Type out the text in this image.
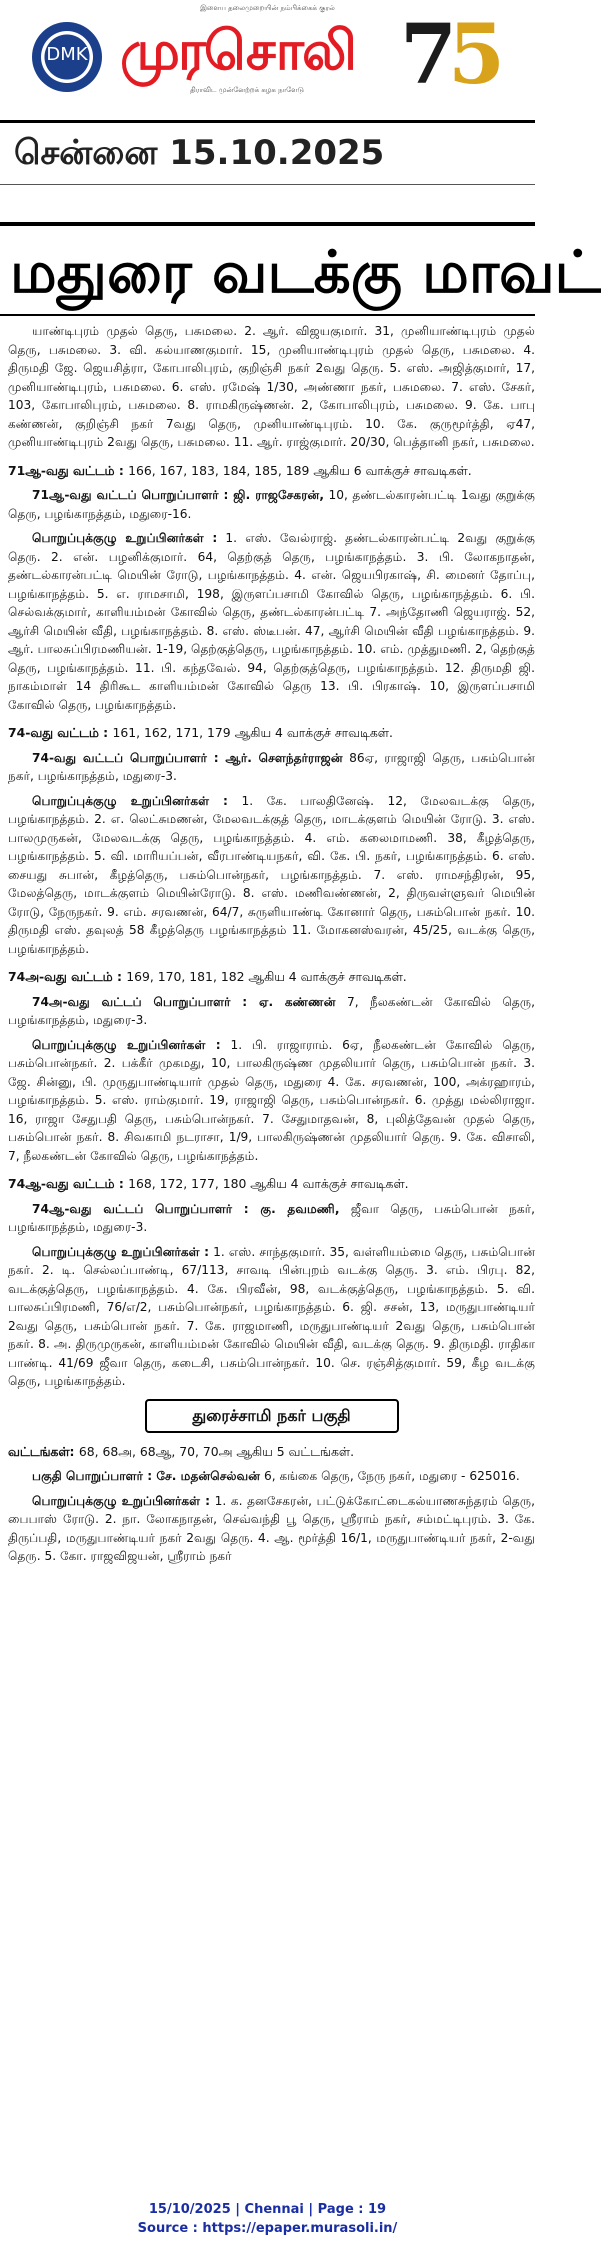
இளைய தலைமுறையின் நம்பிக்கைக் குரல்
DMK முரசொலி
திராவிட முன்னேற்றக் கழக நாளேடு 7
5
சென்னை 15.10.2025
மதுரை வடக்கு மாவட்

யாண்டிபுரம் முதல் தெரு, பசுமலை. 2. ஆர். விஜயகுமார். 31, முனியாண்டிபுரம் முதல் தெரு, பசுமலை. 3. வி. கல்யாணகுமார். 15, முனியாண்டிபுரம் முதல் தெரு, பசுமலை. 4. திருமதி ஜே. ஜெயசித்ரா, கோபாலிபுரம், குறிஞ்சி நகர் 2வது தெரு. 5. எஸ். அஜித்குமார், 17, முனியாண்டிபுரம், பசுமலை. 6. எஸ். ரமேஷ் 1/30, அண்ணா நகர், பசுமலை. 7. எஸ். சேகர், 103, கோபாலிபுரம், பசுமலை. 8. ராமகிருஷ்ணன். 2, கோபாலிபுரம், பசுமலை. 9. கே. பாபு கண்ணன், குறிஞ்சி நகர் 7வது தெரு, முனியாண்டிபுரம். 10. கே. குருமூர்த்தி, ஏ47, முனியாண்டிபுரம் 2வது தெரு, பசுமலை. 11. ஆர். ராஜ்குமார். 20/30, பெத்தானி நகர், பசுமலை.

71ஆ-வது வட்டம் : 166, 167, 183, 184, 185, 189 ஆகிய 6 வாக்குச் சாவடிகள்.

71ஆ-வது வட்டப் பொறுப்பாளர் : ஜி. ராஜசேகரன், 10, தண்டல்காரன்பட்டி 1வது குறுக்கு தெரு, பழங்காநத்தம், மதுரை-16.

பொறுப்புக்குழு உறுப்பினர்கள் : 1. எஸ். வேல்ராஜ். தண்டல்காரன்பட்டி 2வது குறுக்கு தெரு. 2. என். பழனிக்குமார். 64, தெற்குத் தெரு, பழங்காநத்தம். 3. பி. லோகநாதன், தண்டல்காரன்பட்டி மெயின் ரோடு, பழங்காநத்தம். 4. என். ஜெயபிரகாஷ், சி. மைனர் தோப்பு, பழங்காநத்தம். 5. எ. ராமசாமி, 198, இருளப்பசாமி கோவில் தெரு, பழங்காநத்தம். 6. பி. செல்வக்குமார், காளியம்மன் கோவில் தெரு, தண்டல்காரன்பட்டி 7. அந்தோணி ஜெயராஜ். 52, ஆர்சி மெயின் வீதி, பழங்காநத்தம். 8. எஸ். ஸ்டீபன். 47, ஆர்சி மெயின் வீதி பழங்காநத்தம். 9. ஆர். பாலசுப்பிரமணியன். 1-19, தெற்குத்தெரு, பழங்காநத்தம். 10. எம். முத்துமணி. 2, தெற்குத் தெரு, பழங்காநத்தம். 11. பி. கந்தவேல். 94, தெற்குத்தெரு, பழங்காநத்தம். 12. திருமதி ஜி. நாகம்மாள் 14 திரிகூட காளியம்மன் கோவில் தெரு 13. பி. பிரகாஷ். 10, இருளப்பசாமி கோவில் தெரு, பழங்காநத்தம்.

74-வது வட்டம் : 161, 162, 171, 179 ஆகிய 4 வாக்குச் சாவடிகள்.

74-வது வட்டப் பொறுப்பாளர் : ஆர். சௌந்தர்ராஜன் 86ஏ, ராஜாஜி தெரு, பசும்பொன் நகர், பழங்காநத்தம், மதுரை-3.

பொறுப்புக்குழு உறுப்பினர்கள் : 1. கே. பாலதினேஷ். 12, மேலவடக்கு தெரு, பழங்காநத்தம். 2. எ. லெட்சுமணன், மேலவடக்குத் தெரு, மாடக்குளம் மெயின் ரோடு. 3. எஸ். பாலமுருகன், மேலவடக்கு தெரு, பழங்காநத்தம். 4. எம். கலைமாமணி. 38, கீழத்தெரு, பழங்காநத்தம். 5. வி. மாரியப்பன், வீரபாண்டியநகர், வி. கே. பி. நகர், பழங்காநத்தம். 6. எஸ். சையது சுபான், கீழத்தெரு, பசும்பொன்நகர், பழங்காநத்தம். 7. எஸ். ராமசந்திரன், 95, மேலத்தெரு, மாடக்குளம் மெயின்ரோடு. 8. எஸ். மணிவண்ணன், 2, திருவள்ளுவர் மெயின் ரோடு, நேருநகர். 9. எம். சரவணன், 64/7, சுருளியாண்டி கோனார் தெரு, பசும்பொன் நகர். 10. திருமதி எஸ். தவுலத் 58 கீழத்தெரு பழங்காநத்தம் 11. மோகனஸ்வரன், 45/25, வடக்கு தெரு, பழங்காநத்தம்.

74அ-வது வட்டம் : 169, 170, 181, 182 ஆகிய 4 வாக்குச் சாவடிகள்.

74அ-வது வட்டப் பொறுப்பாளர் : ஏ. கண்ணன் 7, நீலகண்டன் கோவில் தெரு, பழங்காநத்தம், மதுரை-3.

பொறுப்புக்குழு உறுப்பினர்கள் : 1. பி. ராஜாராம். 6ஏ, நீலகண்டன் கோவில் தெரு, பசும்பொன்நகர். 2. பக்கீர் முகமது, 10, பாலகிருஷ்ண முதலியார் தெரு, பசும்பொன் நகர். 3. ஜே. சின்னு, பி. முருதுபாண்டியார் முதல் தெரு, மதுரை 4. கே. சரவணன், 100, அக்ரஹாரம், பழங்காநத்தம். 5. எஸ். ராம்குமார். 19, ராஜாஜி தெரு, பசும்பொன்நகர். 6. முத்து மல்லிராஜா. 16, ராஜா சேதுபதி தெரு, பசும்பொன்நகர். 7. சேதுமாதவன், 8, புலித்தேவன் முதல் தெரு, பசும்பொன் நகர். 8. சிவகாமி நடராசா, 1/9, பாலகிருஷ்ணன் முதலியார் தெரு. 9. கே. விசாலி, 7, நீலகண்டன் கோவில் தெரு, பழங்காநத்தம்.

74ஆ-வது வட்டம் : 168, 172, 177, 180 ஆகிய 4 வாக்குச் சாவடிகள்.

74ஆ-வது வட்டப் பொறுப்பாளர் : கு. தவமணி, ஜீவா தெரு, பசும்பொன் நகர், பழங்காநத்தம், மதுரை-3.

பொறுப்புக்குழு உறுப்பினர்கள் : 1. எஸ். சாந்தகுமார். 35, வள்ளியம்மை தெரு, பசும்பொன் நகர். 2. டி. செல்லப்பாண்டி, 67/113, சாவடி பின்புறம் வடக்கு தெரு. 3. எம். பிரபு. 82, வடக்குத்தெரு, பழங்காநத்தம். 4. கே. பிரவீன், 98, வடக்குத்தெரு, பழங்காநத்தம். 5. வி. பாலசுப்பிரமணி, 76/எ/2, பசும்பொன்நகர், பழங்காநத்தம். 6. ஜி. சசன், 13, மருதுபாண்டியர் 2வது தெரு, பசும்பொன் நகர். 7. கே. ராஜமாணி, மருதுபாண்டியர் 2வது தெரு, பசும்பொன் நகர். 8. அ. திருமுருகன், காளியம்மன் கோவில் மெயின் வீதி, வடக்கு தெரு. 9. திருமதி. ராதிகா பாண்டி. 41/69 ஜீவா தெரு, கடைசி, பசும்பொன்நகர். 10. செ. ரஞ்சித்குமார். 59, கீழ வடக்கு தெரு, பழங்காநத்தம்.

துரைச்சாமி நகர் பகுதி
வட்டங்கள்: 68, 68அ, 68ஆ, 70, 70அ ஆகிய 5 வட்டங்கள்.

பகுதி பொறுப்பாளர் : சே. மதன்செல்வன் 6, கங்கை தெரு, நேரு நகர், மதுரை - 625016.

பொறுப்புக்குழு உறுப்பினர்கள் : 1. க. தனசேகரன், பட்டுக்கோட்டைகல்யாணசுந்தரம் தெரு, பைபாஸ் ரோடு. 2. நா. லோகநாதன், செவ்வந்தி பூ தெரு, ஸ்ரீராம் நகர், சம்மட்டிபுரம். 3. கே. திருப்பதி, மருதுபாண்டியர் நகர் 2வது தெரு. 4. ஆ. மூர்த்தி 16/1, மருதுபாண்டியர் நகர், 2-வது தெரு. 5. கோ. ராஜவிஜயன், ஸ்ரீராம் நகர்

15/10/2025 | Chennai | Page : 19
Source : https://epaper.murasoli.in/
